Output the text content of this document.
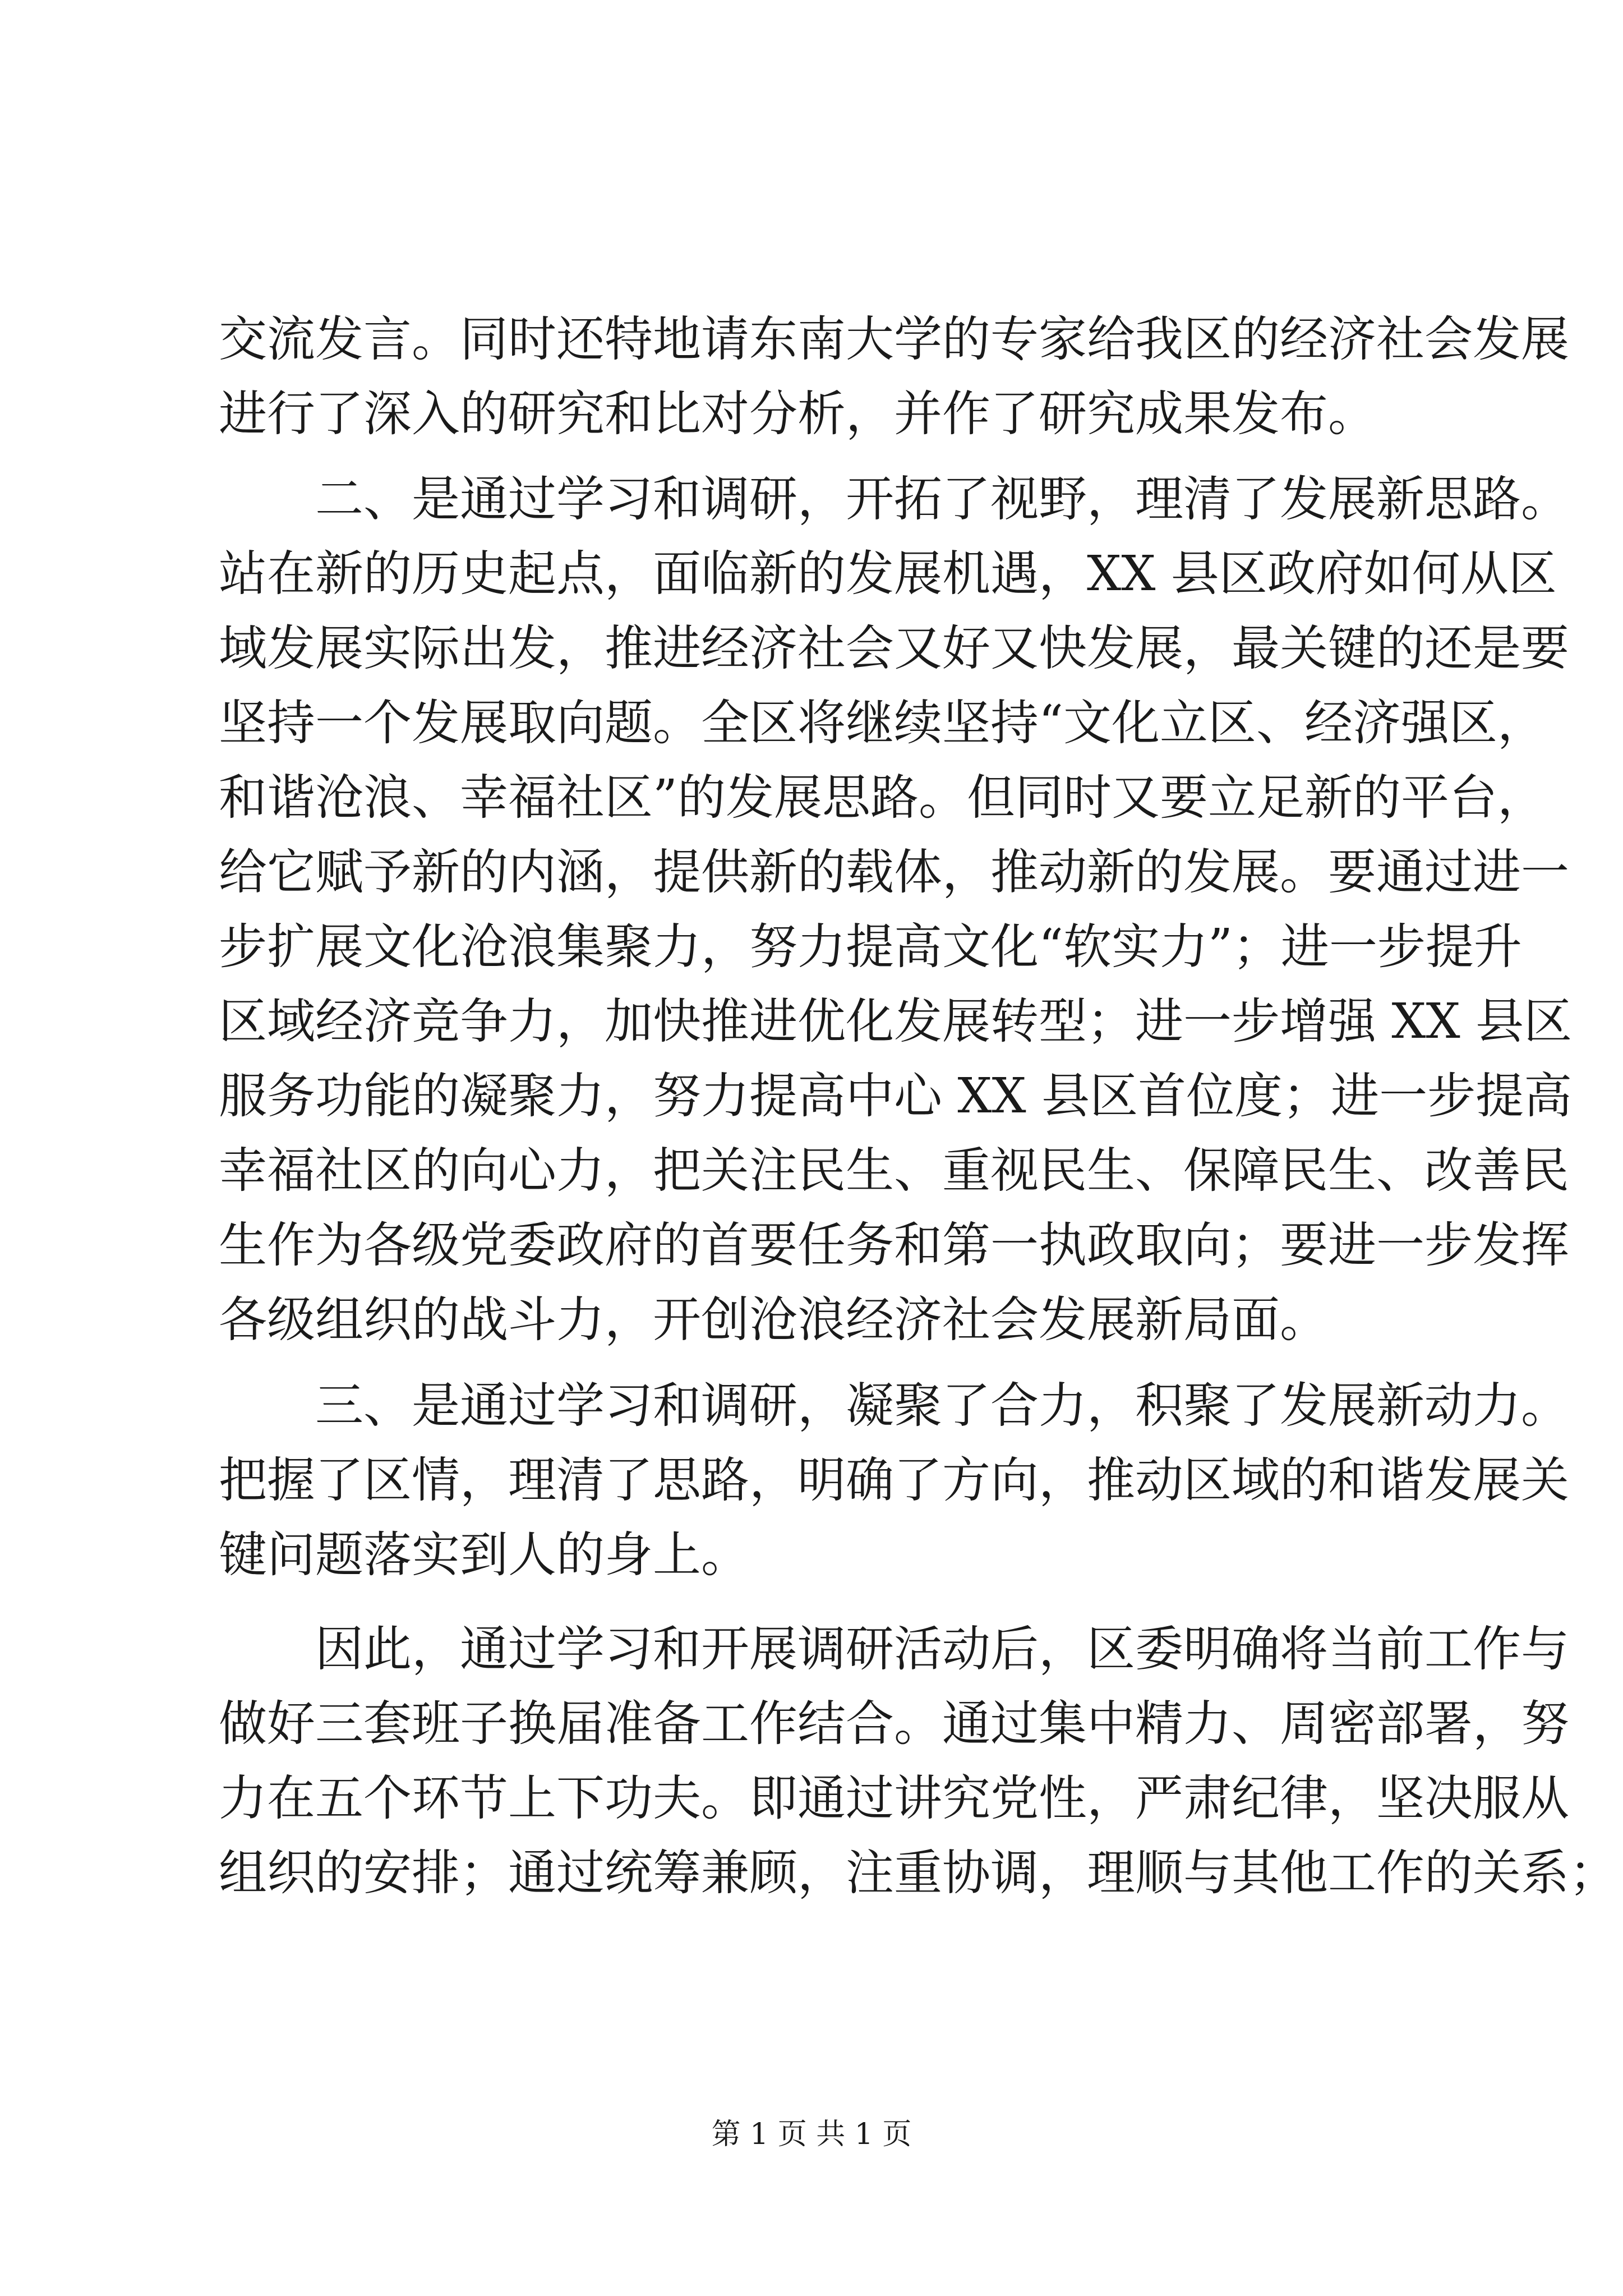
交流发言。同时还特地请东南大学的专家给我区的经济社会发展
进行了深入的研究和比对分析，并作了研究成果发布。
　　二、是通过学习和调研，开拓了视野，理清了发展新思路。
站在新的历史起点，面临新的发展机遇，XX 县区政府如何从区
域发展实际出发，推进经济社会又好又快发展，最关键的还是要
坚持一个发展取向题。全区将继续坚持“文化立区、经济强区，
和谐沧浪、幸福社区”的发展思路。但同时又要立足新的平台，
给它赋予新的内涵，提供新的载体，推动新的发展。要通过进一
步扩展文化沧浪集聚力，努力提高文化“软实力”；进一步提升
区域经济竞争力，加快推进优化发展转型；进一步增强 XX 县区
服务功能的凝聚力，努力提高中心 XX 县区首位度；进一步提高
幸福社区的向心力，把关注民生、重视民生、保障民生、改善民
生作为各级党委政府的首要任务和第一执政取向；要进一步发挥
各级组织的战斗力，开创沧浪经济社会发展新局面。
　　三、是通过学习和调研，凝聚了合力，积聚了发展新动力。
把握了区情，理清了思路，明确了方向，推动区域的和谐发展关
键问题落实到人的身上。
　　因此，通过学习和开展调研活动后，区委明确将当前工作与
做好三套班子换届准备工作结合。通过集中精力、周密部署，努
力在五个环节上下功夫。即通过讲究党性，严肃纪律，坚决服从
组织的安排；通过统筹兼顾，注重协调，理顺与其他工作的关系；
第 1 页 共 1 页
